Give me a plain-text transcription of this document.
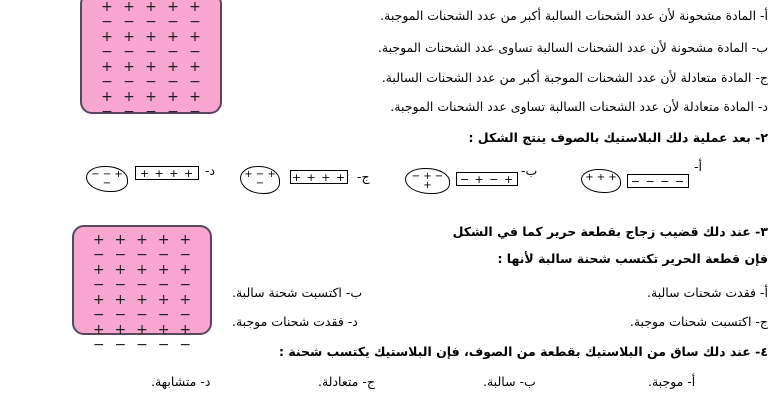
+−
+−
+−
+−
+−
+−
+−
+−
+−
+−
+−
+−
+−
+−
+−
+−
+−
+−
+−
+−
أ- المادة مشحونة لأن عدد الشحنات السالبة أكبر من عدد الشحنات الموجبة.
ب- المادة مشحونة لأن عدد الشحنات السالبة تساوى عدد الشحنات الموجبة.
ج- المادة متعادلة لأن عدد الشحنات الموجبة أكبر من عدد الشحنات السالبة.
د- المادة متعادلة لأن عدد الشحنات السالبة تساوى عدد الشحنات الموجبة.
٢- بعد عملية دلك البلاستيك بالصوف ينتج الشكل :
أ-
− − − −
+ + +
ب-
− + − +
− + − +
ج-
+ + + +
+ − + −
د-
+ + + +
− − + −
+ −
+ −
+ −
+ −
+ −
+ −
+ −
+ −
+ −
+ −
+ −
+ −
+ −
+ −
+ −
+ −
+ −
+ −
+ −
+ −
٣- عند دلك قضيب زجاج بقطعة حرير كما في الشكل
فإن قطعة الحرير تكتسب شحنة سالبة لأنها :
أ- فقدت شحنات سالبة.
ب- اكتسبت شحنة سالبة.
ج- اكتسبت شحنات موجبة.
د- فقدت شحنات موجبة.
٤- عند دلك ساق من البلاستيك بقطعة من الصوف، فإن البلاستيك يكتسب شحنة :
أ- موجبة.
ب- سالبة.
ج- متعادلة.
د- متشابهة.
